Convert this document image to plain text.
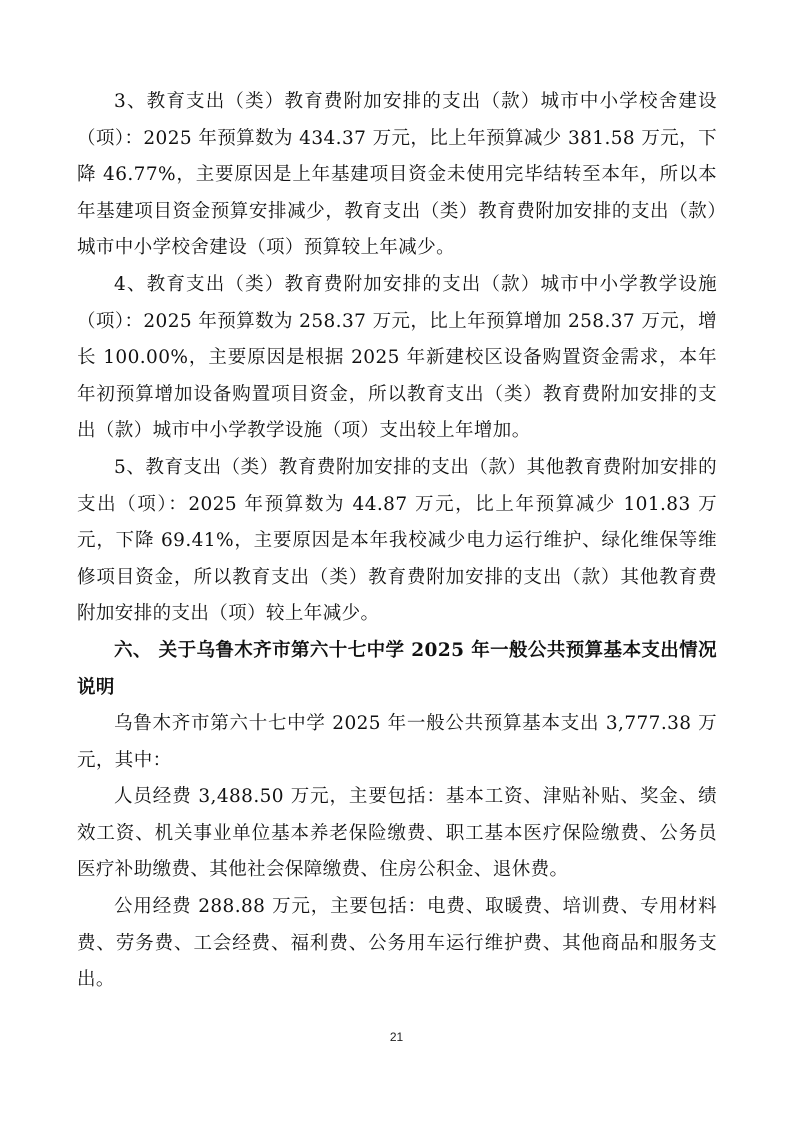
3、教育支出（类）教育费附加安排的支出（款）城市中小学校舍建设（项）：2025 年预算数为 434.37 万元，比上年预算减少 381.58 万元，下降 46.77%，主要原因是上年基建项目资金未使用完毕结转至本年，所以本年基建项目资金预算安排减少，教育支出（类）教育费附加安排的支出（款）城市中小学校舍建设（项）预算较上年减少。

4、教育支出（类）教育费附加安排的支出（款）城市中小学教学设施（项）：2025 年预算数为 258.37 万元，比上年预算增加 258.37 万元，增长 100.00%，主要原因是根据 2025 年新建校区设备购置资金需求，本年年初预算增加设备购置项目资金，所以教育支出（类）教育费附加安排的支出（款）城市中小学教学设施（项）支出较上年增加。

5、教育支出（类）教育费附加安排的支出（款）其他教育费附加安排的支出（项）：2025 年预算数为 44.87 万元，比上年预算减少 101.83 万元，下降 69.41%，主要原因是本年我校减少电力运行维护、绿化维保等维修项目资金，所以教育支出（类）教育费附加安排的支出（款）其他教育费附加安排的支出（项）较上年减少。

六、 关于乌鲁木齐市第六十七中学 2025 年一般公共预算基本支出情况说明

乌鲁木齐市第六十七中学 2025 年一般公共预算基本支出 3,777.38 万元，其中：

人员经费 3,488.50 万元，主要包括：基本工资、津贴补贴、奖金、绩效工资、机关事业单位基本养老保险缴费、职工基本医疗保险缴费、公务员医疗补助缴费、其他社会保障缴费、住房公积金、退休费。

公用经费 288.88 万元，主要包括：电费、取暖费、培训费、专用材料费、劳务费、工会经费、福利费、公务用车运行维护费、其他商品和服务支出。

21
